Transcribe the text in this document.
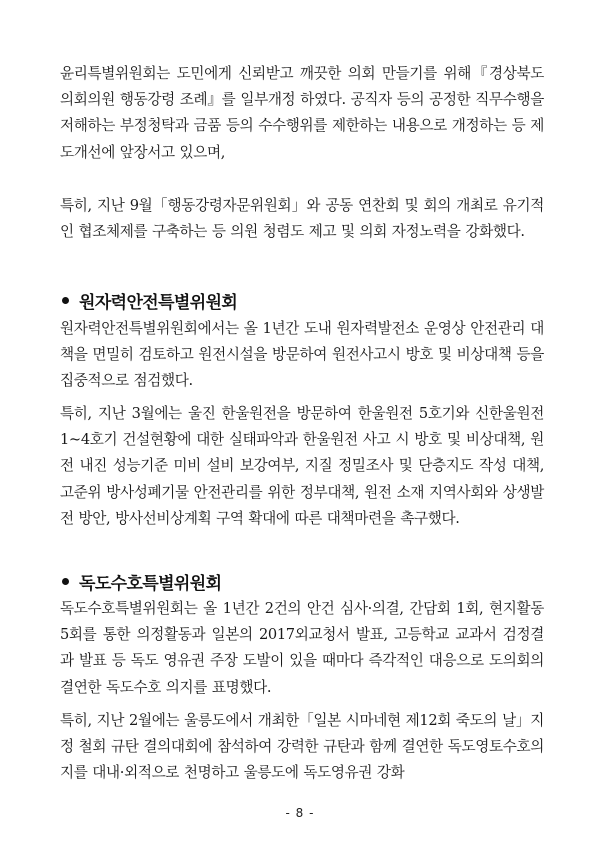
윤리특별위원회는 도민에게 신뢰받고 깨끗한 의회 만들기를 위해『경상북도 의회의원 행동강령 조례』를 일부개정 하였다. 공직자 등의 공정한 직무수행을 저해하는 부정청탁과 금품 등의 수수행위를 제한하는 내용으로 개정하는 등 제도개선에 앞장서고 있으며,

특히, 지난 9월「행동강령자문위원회」와 공동 연찬회 및 회의 개최로 유기적인 협조체제를 구축하는 등 의원 청렴도 제고 및 의회 자정노력을 강화했다.

원자력안전특별위원회

원자력안전특별위원회에서는 올 1년간 도내 원자력발전소 운영상 안전관리 대책을 면밀히 검토하고 원전시설을 방문하여 원전사고시 방호 및 비상대책 등을 집중적으로 점검했다.

특히, 지난 3월에는 울진 한울원전을 방문하여 한울원전 5호기와 신한울원전 1~4호기 건설현황에 대한 실태파악과 한울원전 사고 시 방호 및 비상대책, 원전 내진 성능기준 미비 설비 보강여부, 지질 정밀조사 및 단층지도 작성 대책, 고준위 방사성폐기물 안전관리를 위한 정부대책, 원전 소재 지역사회와 상생발전 방안, 방사선비상계획 구역 확대에 따른 대책마련을 촉구했다.

독도수호특별위원회

독도수호특별위원회는 올 1년간 2건의 안건 심사·의결, 간담회 1회, 현지활동 5회를 통한 의정활동과 일본의 2017외교청서 발표, 고등학교 교과서 검정결과 발표 등 독도 영유권 주장 도발이 있을 때마다 즉각적인 대응으로 도의회의 결연한 독도수호 의지를 표명했다.

특히, 지난 2월에는 울릉도에서 개최한「일본 시마네현 제12회 죽도의 날」지정 철회 규탄 결의대회에 참석하여 강력한 규탄과 함께 결연한 독도영토수호의지를 대내·외적으로 천명하고 울릉도에 독도영유권 강화

- 8 -
